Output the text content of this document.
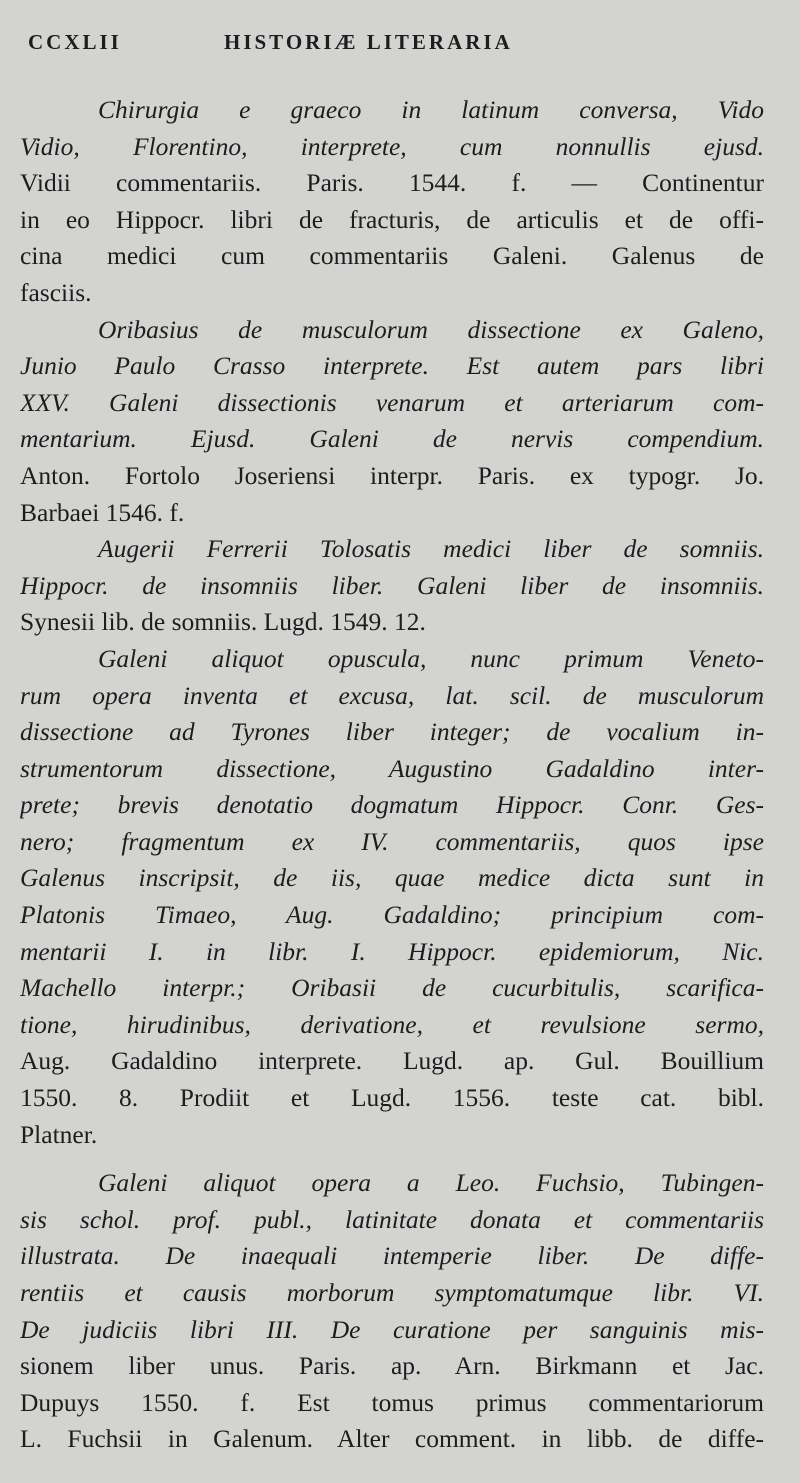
CCXLII	HISTORIÆ LITERARIA

Chirurgia e graeco in latinum conversa, Vido
Vidio, Florentino, interprete, cum nonnullis ejusd.
Vidii commentariis. Paris. 1544. f. — Continentur
in eo Hippocr. libri de fracturis, de articulis et de offi-
cina medici cum commentariis Galeni. Galenus de
fasciis.

Oribasius de musculorum dissectione ex Galeno,
Junio Paulo Crasso interprete. Est autem pars libri
XXV. Galeni dissectionis venarum et arteriarum com-
mentarium. Ejusd. Galeni de nervis compendium.
Anton. Fortolo Joseriensi interpr. Paris. ex typogr. Jo.
Barbaei 1546. f.

Augerii Ferrerii Tolosatis medici liber de somniis.
Hippocr. de insomniis liber. Galeni liber de insomniis.
Synesii lib. de somniis. Lugd. 1549. 12.

Galeni aliquot opuscula, nunc primum Veneto-
rum opera inventa et excusa, lat. scil. de musculorum
dissectione ad Tyrones liber integer; de vocalium in-
strumentorum dissectione, Augustino Gadaldino inter-
prete; brevis denotatio dogmatum Hippocr. Conr. Ges-
nero; fragmentum ex IV. commentariis, quos ipse
Galenus inscripsit, de iis, quae medice dicta sunt in
Platonis Timaeo, Aug. Gadaldino; principium com-
mentarii I. in libr. I. Hippocr. epidemiorum, Nic.
Machello interpr.; Oribasii de cucurbitulis, scarifica-
tione, hirudinibus, derivatione, et revulsione sermo,
Aug. Gadaldino interprete. Lugd. ap. Gul. Bouillium
1550. 8. Prodiit et Lugd. 1556. teste cat. bibl.
Platner.

Galeni aliquot opera a Leo. Fuchsio, Tubingen-
sis schol. prof. publ., latinitate donata et commentariis
illustrata. De inaequali intemperie liber. De diffe-
rentiis et causis morborum symptomatumque libr. VI.
De judiciis libri III. De curatione per sanguinis mis-
sionem liber unus. Paris. ap. Arn. Birkmann et Jac.
Dupuys 1550. f. Est tomus primus commentariorum
L. Fuchsii in Galenum. Alter comment. in libb. de diffe-
